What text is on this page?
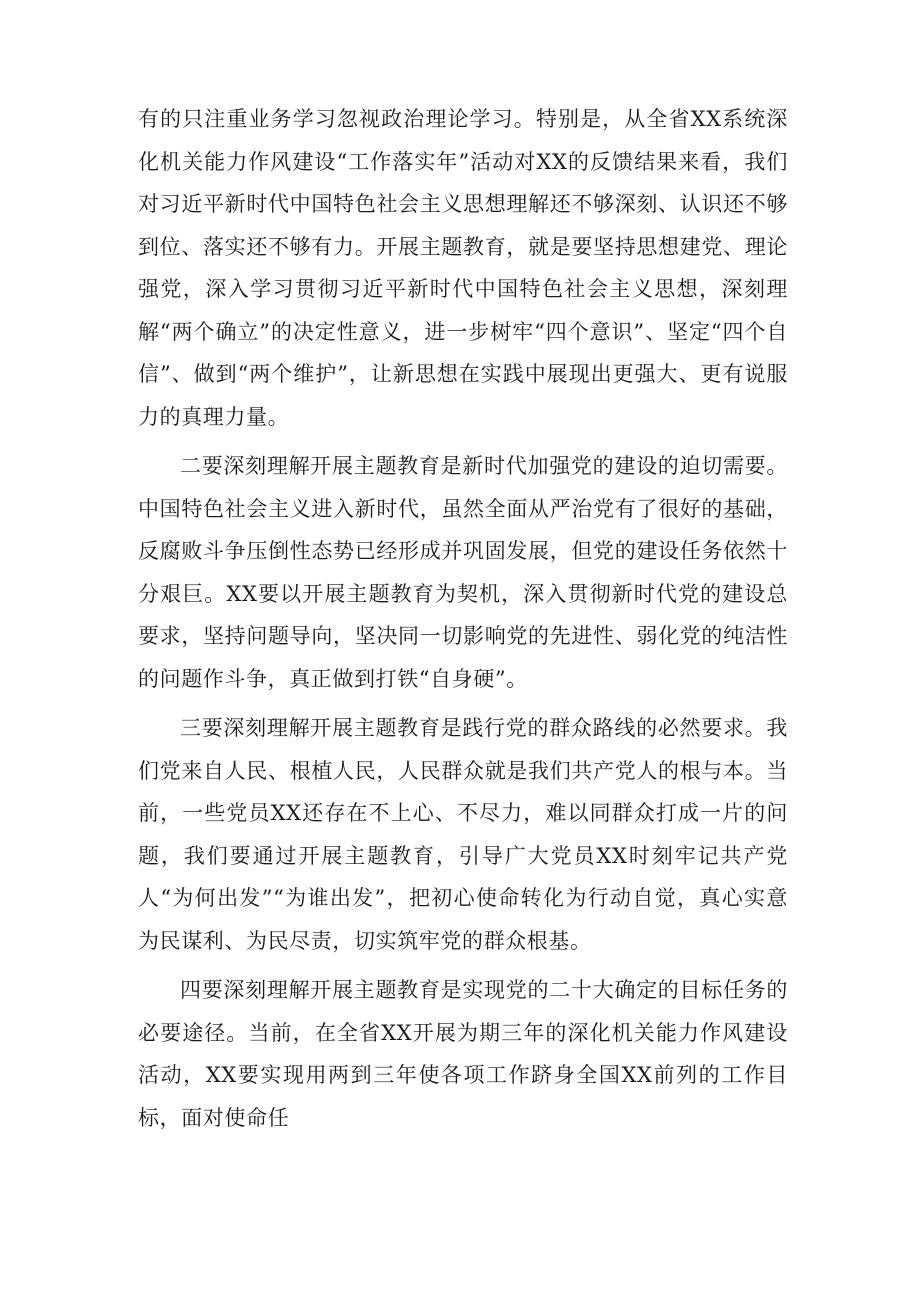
有的只注重业务学习忽视政治理论学习。特别是，从全省XX系统深化机关能力作风建设“工作落实年”活动对XX的反馈结果来看，我们对习近平新时代中国特色社会主义思想理解还不够深刻、认识还不够到位、落实还不够有力。开展主题教育，就是要坚持思想建党、理论强党，深入学习贯彻习近平新时代中国特色社会主义思想，深刻理解“两个确立”的决定性意义，进一步树牢“四个意识”、坚定“四个自信”、做到“两个维护”，让新思想在实践中展现出更强大、更有说服力的真理力量。

二要深刻理解开展主题教育是新时代加强党的建设的迫切需要。中国特色社会主义进入新时代，虽然全面从严治党有了很好的基础，反腐败斗争压倒性态势已经形成并巩固发展，但党的建设任务依然十分艰巨。XX要以开展主题教育为契机，深入贯彻新时代党的建设总要求，坚持问题导向，坚决同一切影响党的先进性、弱化党的纯洁性的问题作斗争，真正做到打铁“自身硬”。

三要深刻理解开展主题教育是践行党的群众路线的必然要求。我们党来自人民、根植人民，人民群众就是我们共产党人的根与本。当前，一些党员XX还存在不上心、不尽力，难以同群众打成一片的问题，我们要通过开展主题教育，引导广大党员XX时刻牢记共产党人“为何出发”“为谁出发”，把初心使命转化为行动自觉，真心实意为民谋利、为民尽责，切实筑牢党的群众根基。

四要深刻理解开展主题教育是实现党的二十大确定的目标任务的必要途径。当前，在全省XX开展为期三年的深化机关能力作风建设活动，XX要实现用两到三年使各项工作跻身全国XX前列的工作目标，面对使命任
